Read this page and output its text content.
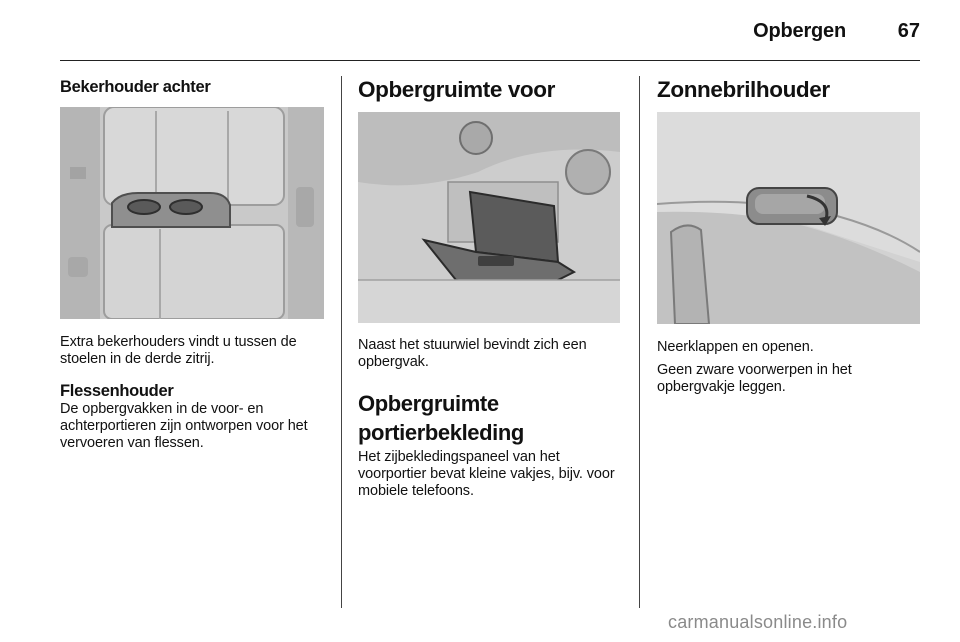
Opbergen	67
Bekerhouder achter

Extra bekerhouders vindt u tussen de stoelen in de derde zitrij.

Flessenhouder

De opbergvakken in de voor- en achterportieren zijn ontworpen voor het vervoeren van flessen.

Opbergruimte voor

Naast het stuurwiel bevindt zich een opbergvak.

Opbergruimte
portierbekleding

Het zijbekledingspaneel van het voorportier bevat kleine vakjes, bijv. voor mobiele telefoons.

Zonnebrilhouder

Neerklappen en openen.

Geen zware voorwerpen in het opbergvakje leggen.

carmanualsonline.info
